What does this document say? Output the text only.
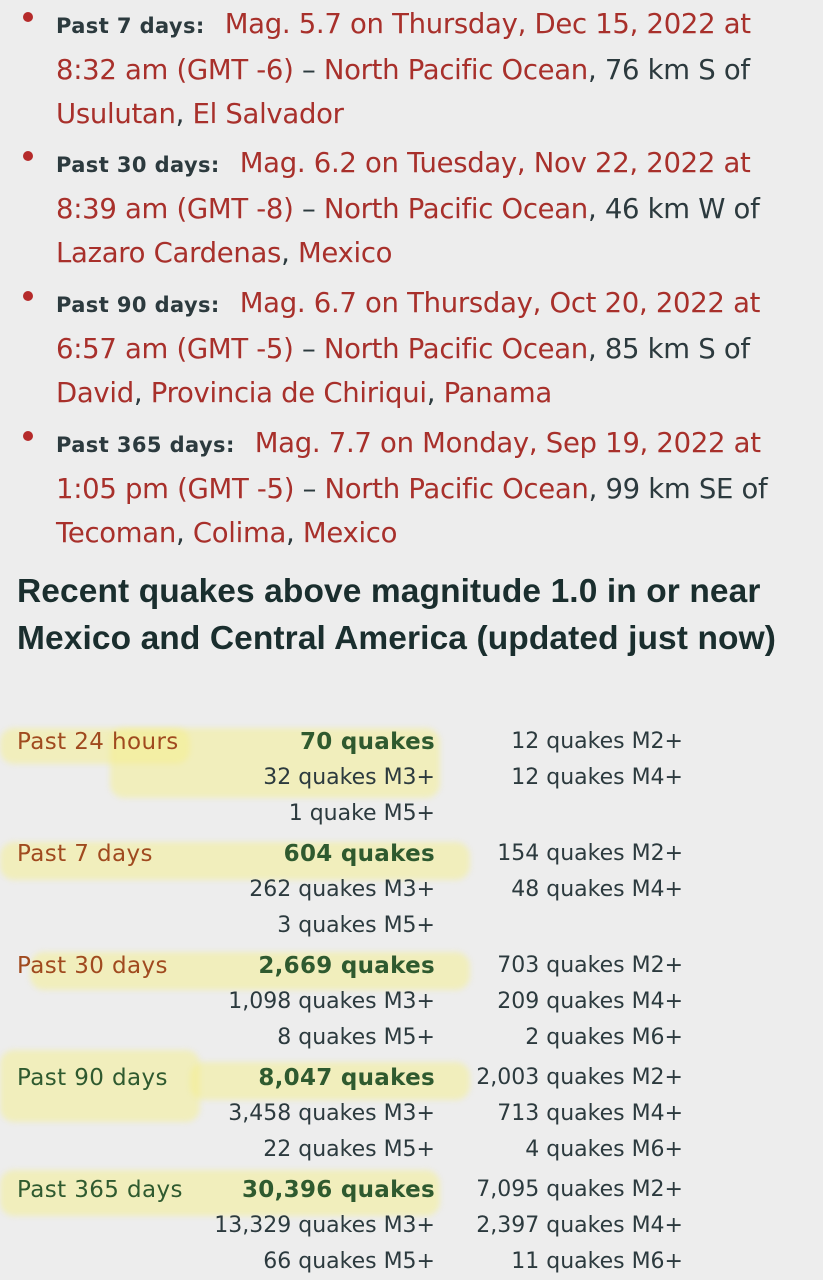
Past 7 days: Mag. 5.7 on Thursday, Dec 15, 2022 at 8:32 am (GMT -6) – North Pacific Ocean, 76 km S of Usulutan, El Salvador
Past 30 days: Mag. 6.2 on Tuesday, Nov 22, 2022 at 8:39 am (GMT -8) – North Pacific Ocean, 46 km W of Lazaro Cardenas, Mexico
Past 90 days: Mag. 6.7 on Thursday, Oct 20, 2022 at 6:57 am (GMT -5) – North Pacific Ocean, 85 km S of David, Provincia de Chiriqui, Panama
Past 365 days: Mag. 7.7 on Monday, Sep 19, 2022 at 1:05 pm (GMT -5) – North Pacific Ocean, 99 km SE of Tecoman, Colima, Mexico
Recent quakes above magnitude 1.0 in or near Mexico and Central America (updated just now)
Past 24 hours	70 quakes	12 quakes M2+
32 quakes M3+	12 quakes M4+
1 quake M5+
Past 7 days	604 quakes	154 quakes M2+
262 quakes M3+	48 quakes M4+
3 quakes M5+
Past 30 days	2,669 quakes	703 quakes M2+
1,098 quakes M3+	209 quakes M4+
8 quakes M5+	2 quakes M6+
Past 90 days	8,047 quakes 2,003 quakes M2+
3,458 quakes M3+	713 quakes M4+
22 quakes M5+	4 quakes M6+
Past 365 days	30,396 quakes 7,095 quakes M2+
13,329 quakes M3+ 2,397 quakes M4+
66 quakes M5+	11 quakes M6+
